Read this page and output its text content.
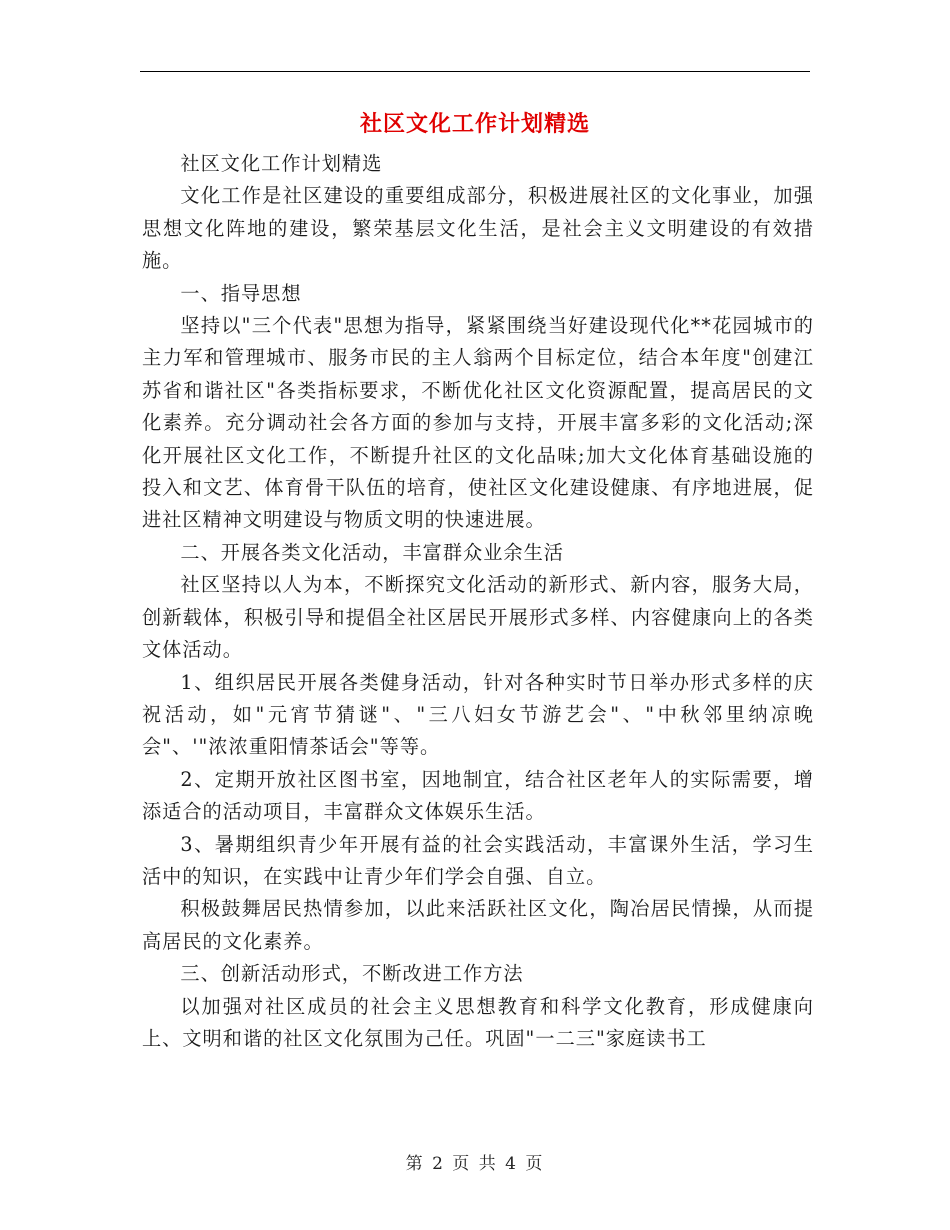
社区文化工作计划精选

社区文化工作计划精选

文化工作是社区建设的重要组成部分，积极进展社区的文化事业，加强思想文化阵地的建设，繁荣基层文化生活，是社会主义文明建设的有效措施。

一、指导思想

坚持以"三个代表"思想为指导，紧紧围绕当好建设现代化**花园城市的主力军和管理城市、服务市民的主人翁两个目标定位，结合本年度"创建江苏省和谐社区"各类指标要求，不断优化社区文化资源配置，提高居民的文化素养。充分调动社会各方面的参加与支持，开展丰富多彩的文化活动;深化开展社区文化工作，不断提升社区的文化品味;加大文化体育基础设施的投入和文艺、体育骨干队伍的培育，使社区文化建设健康、有序地进展，促进社区精神文明建设与物质文明的快速进展。

二、开展各类文化活动，丰富群众业余生活

社区坚持以人为本，不断探究文化活动的新形式、新内容，服务大局，创新载体，积极引导和提倡全社区居民开展形式多样、内容健康向上的各类文体活动。

1、组织居民开展各类健身活动，针对各种实时节日举办形式多样的庆祝活动，如"元宵节猜谜"、"三八妇女节游艺会"、"中秋邻里纳凉晚会"、'"浓浓重阳情茶话会"等等。

2、定期开放社区图书室，因地制宜，结合社区老年人的实际需要，增添适合的活动项目，丰富群众文体娱乐生活。

3、暑期组织青少年开展有益的社会实践活动，丰富课外生活，学习生活中的知识，在实践中让青少年们学会自强、自立。

积极鼓舞居民热情参加，以此来活跃社区文化，陶冶居民情操，从而提高居民的文化素养。

三、创新活动形式，不断改进工作方法

以加强对社区成员的社会主义思想教育和科学文化教育，形成健康向上、文明和谐的社区文化氛围为己任。巩固"一二三"家庭读书工

第 2 页 共 4 页
